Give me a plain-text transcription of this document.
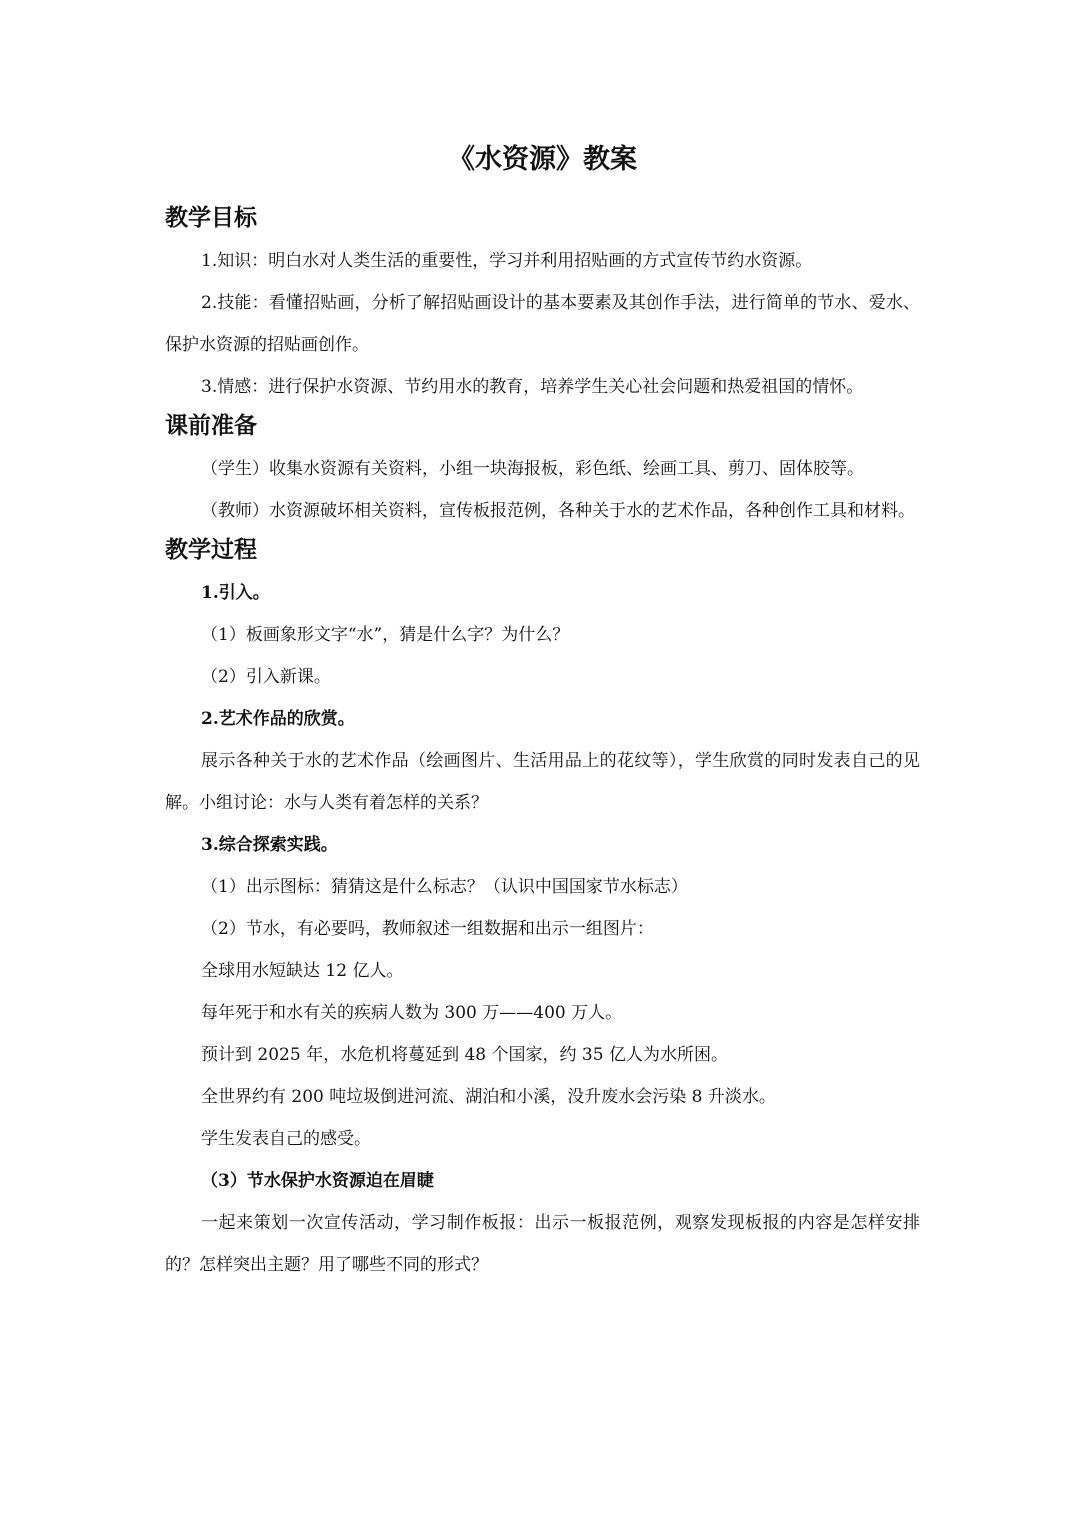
《水资源》教案
教学目标

1.知识：明白水对人类生活的重要性，学习并利用招贴画的方式宣传节约水资源。

2.技能：看懂招贴画，分析了解招贴画设计的基本要素及其创作手法，进行简单的节水、爱水、保护水资源的招贴画创作。

3.情感：进行保护水资源、节约用水的教育，培养学生关心社会问题和热爱祖国的情怀。

课前准备

（学生）收集水资源有关资料，小组一块海报板，彩色纸、绘画工具、剪刀、固体胶等。

（教师）水资源破坏相关资料，宣传板报范例，各种关于水的艺术作品，各种创作工具和材料。

教学过程

1.引入。

（1）板画象形文字“水”，猜是什么字？为什么？

（2）引入新课。

2.艺术作品的欣赏。

展示各种关于水的艺术作品（绘画图片、生活用品上的花纹等），学生欣赏的同时发表自己的见解。小组讨论：水与人类有着怎样的关系？

3.综合探索实践。

（1）出示图标：猜猜这是什么标志？（认识中国国家节水标志）

（2）节水，有必要吗，教师叙述一组数据和出示一组图片：

全球用水短缺达 12 亿人。

每年死于和水有关的疾病人数为 300 万——400 万人。

预计到 2025 年，水危机将蔓延到 48 个国家，约 35 亿人为水所困。

全世界约有 200 吨垃圾倒进河流、湖泊和小溪，没升废水会污染 8 升淡水。

学生发表自己的感受。

（3）节水保护水资源迫在眉睫

一起来策划一次宣传活动，学习制作板报：出示一板报范例，观察发现板报的内容是怎样安排的？怎样突出主题？用了哪些不同的形式？
